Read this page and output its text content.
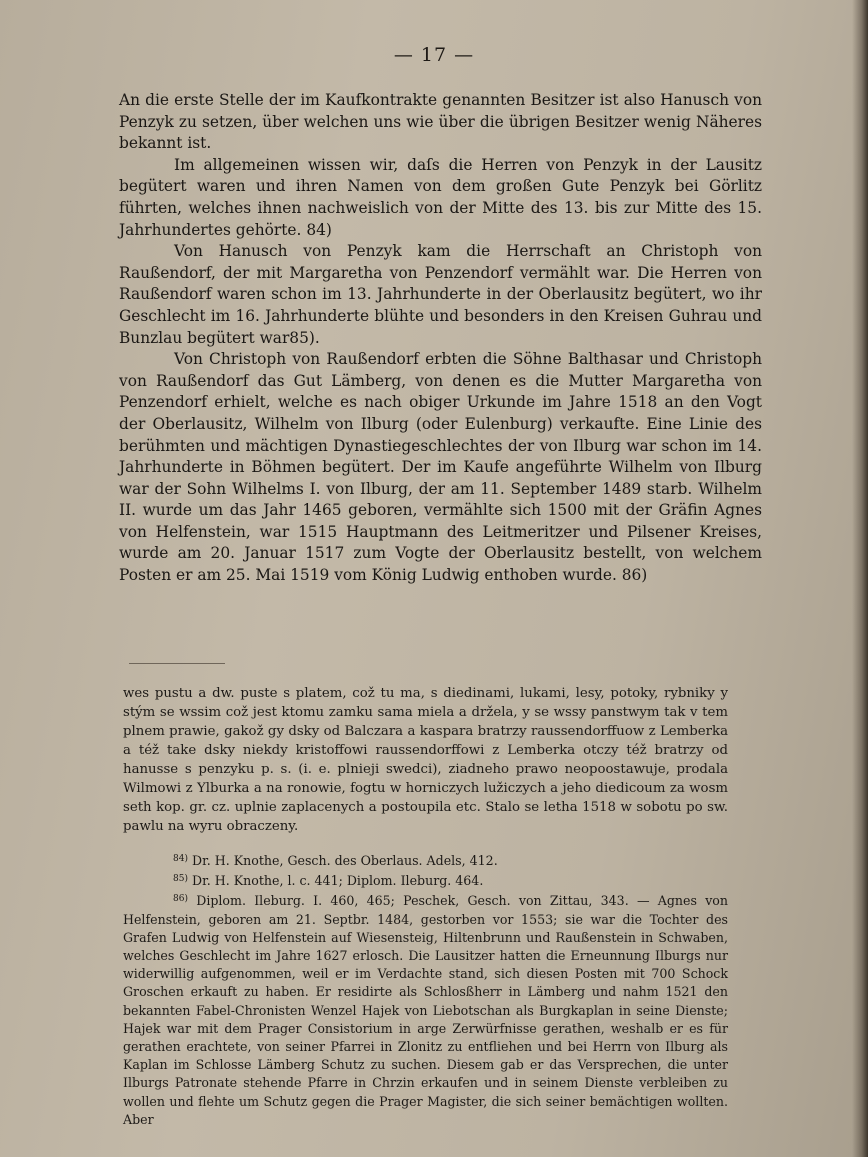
— 17 —

An die erste Stelle der im Kaufkontrakte genannten Besitzer ist also Hanusch von Penzyk zu setzen, über welchen uns wie über die übrigen Besitzer wenig Näheres bekannt ist.

Im allgemeinen wissen wir, daſs die Herren von Penzyk in der Lausitz begütert waren und ihren Namen von dem großen Gute Penzyk bei Görlitz führten, welches ihnen nachweislich von der Mitte des 13. bis zur Mitte des 15. Jahrhundertes gehörte. 84)

Von Hanusch von Penzyk kam die Herrschaft an Christoph von Raußendorf, der mit Margaretha von Penzendorf vermählt war. Die Herren von Raußendorf waren schon im 13. Jahrhunderte in der Oberlausitz begütert, wo ihr Geschlecht im 16. Jahrhunderte blühte und besonders in den Kreisen Guhrau und Bunzlau begütert war85).

Von Christoph von Raußendorf erbten die Söhne Balthasar und Christoph von Raußendorf das Gut Lämberg, von denen es die Mutter Margaretha von Penzendorf erhielt, welche es nach obiger Urkunde im Jahre 1518 an den Vogt der Oberlausitz, Wilhelm von Ilburg (oder Eulenburg) verkaufte. Eine Linie des berühmten und mächtigen Dynastiegeschlechtes der von Ilburg war schon im 14. Jahrhunderte in Böhmen begütert. Der im Kaufe angeführte Wilhelm von Ilburg war der Sohn Wilhelms I. von Ilburg, der am 11. September 1489 starb. Wilhelm II. wurde um das Jahr 1465 geboren, vermählte sich 1500 mit der Gräfin Agnes von Helfenstein, war 1515 Hauptmann des Leitmeritzer und Pilsener Kreises, wurde am 20. Januar 1517 zum Vogte der Oberlausitz bestellt, von welchem Posten er am 25. Mai 1519 vom König Ludwig enthoben wurde. 86)

wes pustu a dw. puste s platem, což tu ma, s diedinami, lukami, lesy, potoky, rybniky y stým se wssim což jest ktomu zamku sama miela a držela, y se wssy panstwym tak v tem plnem prawie, gakož gy dsky od Balczara a kaspara bratrzy raussendorffuow z Lemberka a též take dsky niekdy kristoffowi raussendorffowi z Lemberka otczy též bratrzy od hanusse s penzyku p. s. (i. e. plnieji swedci), ziadneho prawo neopoostawuje, prodala Wilmowi z Ylburka a na ronowie, fogtu w horniczych lužiczych a jeho diedicoum za wosm seth kop. gr. cz. uplnie zaplacenych a postoupila etc. Stalo se letha 1518 w sobotu po sw. pawlu na wyru obraczeny.

$^{84)}$ Dr. H. Knothe, Gesch. des Oberlaus. Adels, 412.

$^{85)}$ Dr. H. Knothe, l. c. 441; Diplom. Ileburg. 464.

$^{86)}$ Diplom. Ileburg. I. 460, 465; Peschek, Gesch. von Zittau, 343. — Agnes von Helfenstein, geboren am 21. Septbr. 1484, gestorben vor 1553; sie war die Tochter des Grafen Ludwig von Helfenstein auf Wiesensteig, Hiltenbrunn und Raußenstein in Schwaben, welches Geschlecht im Jahre 1627 erlosch. Die Lausitzer hatten die Erneunnung Ilburgs nur widerwillig aufgenommen, weil er im Verdachte stand, sich diesen Posten mit 700 Schock Groschen erkauft zu haben. Er residirte als Schlosßherr in Lämberg und nahm 1521 den bekannten Fabel-Chronisten Wenzel Hajek von Liebotschan als Burgkaplan in seine Dienste; Hajek war mit dem Prager Consistorium in arge Zerwürfnisse gerathen, weshalb er es für gerathen erachtete, von seiner Pfarrei in Zlonitz zu entfliehen und bei Herrn von Ilburg als Kaplan im Schlosse Lämberg Schutz zu suchen. Diesem gab er das Versprechen, die unter Ilburgs Patronate stehende Pfarre in Chrzin erkaufen und in seinem Dienste verbleiben zu wollen und flehte um Schutz gegen die Prager Magister, die sich seiner bemächtigen wollten. Aber
